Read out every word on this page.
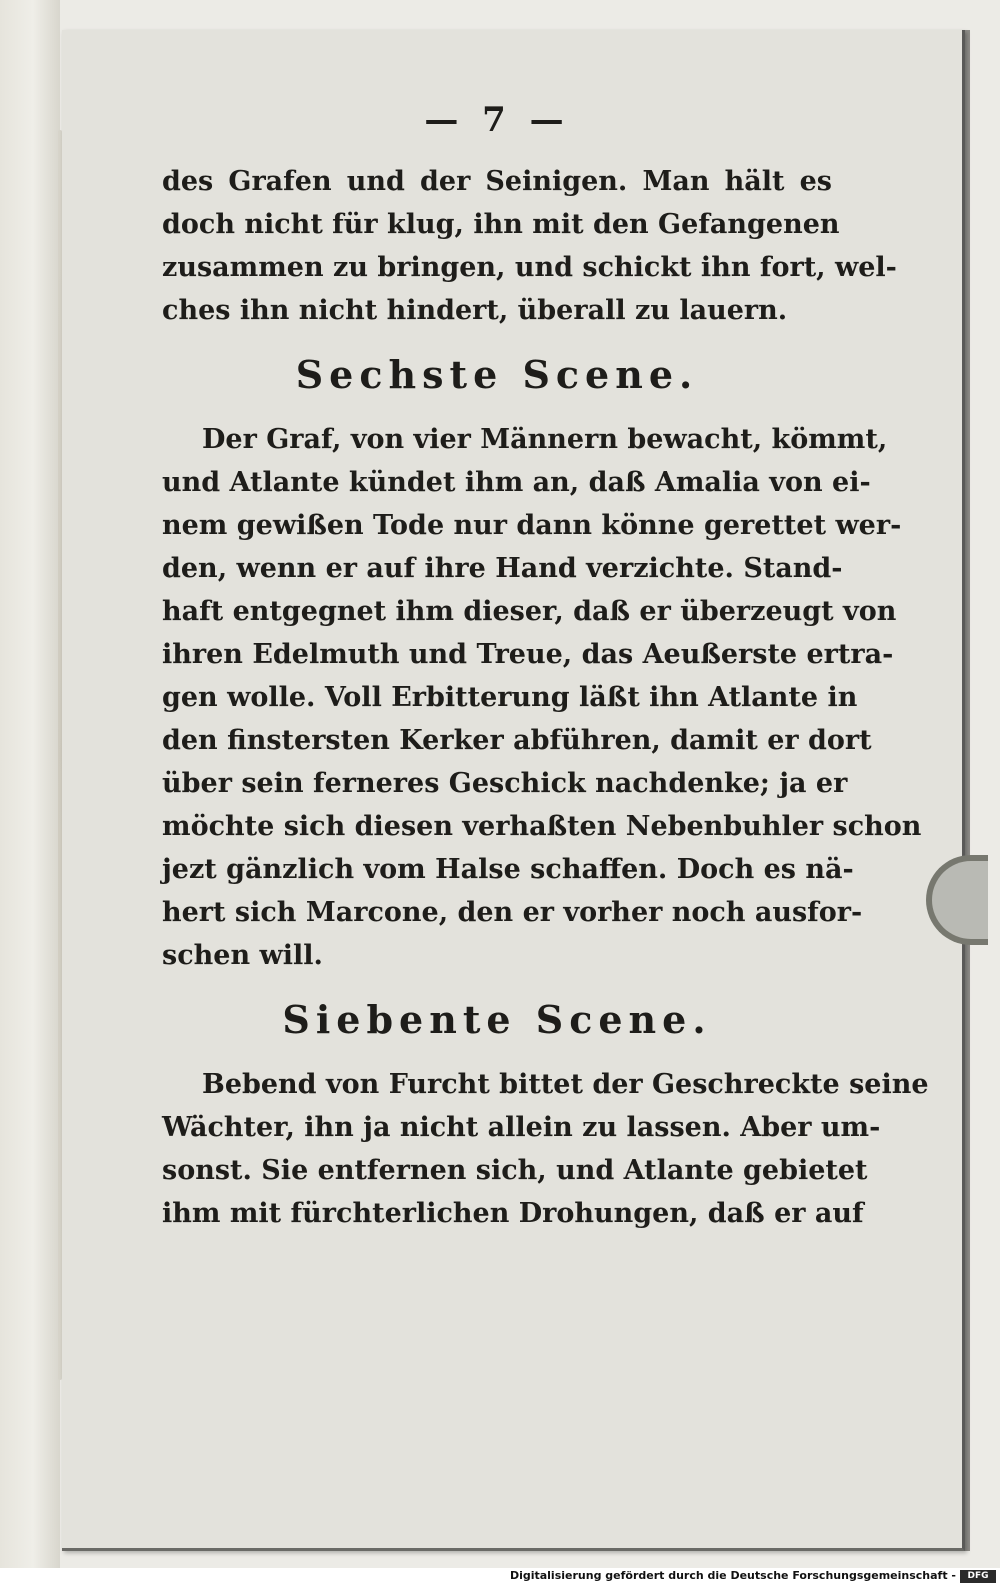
— 7 —
des Grafen und der Seinigen. Man hält es
doch nicht für klug, ihn mit den Gefangenen
zusammen zu bringen, und schickt ihn fort, wel-
ches ihn nicht hindert, überall zu lauern.
Sechste Scene.
Der Graf, von vier Männern bewacht, kömmt,
und Atlante kündet ihm an, daß Amalia von ei-
nem gewißen Tode nur dann könne gerettet wer-
den, wenn er auf ihre Hand verzichte. Stand-
haft entgegnet ihm dieser, daß er überzeugt von
ihren Edelmuth und Treue, das Aeußerste ertra-
gen wolle. Voll Erbitterung läßt ihn Atlante in
den finstersten Kerker abführen, damit er dort
über sein ferneres Geschick nachdenke; ja er
möchte sich diesen verhaßten Nebenbuhler schon
jezt gänzlich vom Halse schaffen. Doch es nä-
hert sich Marcone, den er vorher noch ausfor-
schen will.
Siebente Scene.
Bebend von Furcht bittet der Geschreckte seine
Wächter, ihn ja nicht allein zu lassen. Aber um-
sonst. Sie entfernen sich, und Atlante gebietet
ihm mit fürchterlichen Drohungen, daß er auf
Digitalisierung gefördert durch die Deutsche Forschungsgemeinschaft -	DFG
